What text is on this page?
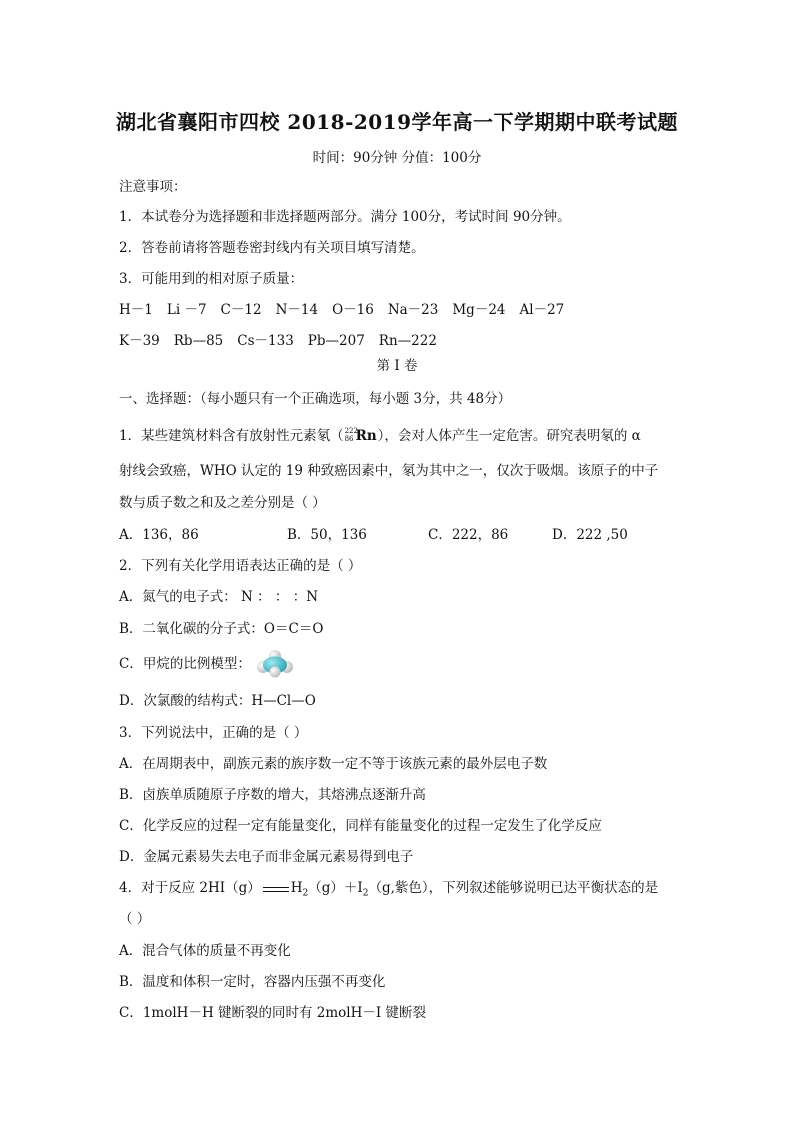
湖北省襄阳市四校 2018-2019学年高一下学期期中联考试题
时间：90分钟 分值：100分
注意事项：
1．本试卷分为选择题和非选择题两部分。满分 100分，考试时间 90分钟。
2．答卷前请将答题卷密封线内有关项目填写清楚。
3．可能用到的相对原子质量：
H－1 Li －7 C－12 N－14 O－16 Na－23 Mg－24 Al－27
K－39 Rb—85 Cs－133 Pb—207 Rn—222
第 I 卷
一、选择题：（每小题只有一个正确选项，每小题 3分，共 48分）
1．某些建筑材料含有放射性元素氡（ 222
86 Rn ），会对人体产生一定危害。研究表明氡的 α
射线会致癌，WHO 认定的 19 种致癌因素中，氡为其中之一，仅次于吸烟。该原子的中子
数与质子数之和及之差分别是（ ）
A．136，86	B．50，136	C．222，86	D．222 ,50
2．下列有关化学用语表达正确的是（ ）
A．氮气的电子式： N ： ： ：N
B．二氧化碳的分子式：O＝C＝O
C．甲烷的比例模型：
D．次氯酸的结构式：H—Cl—O
3．下列说法中，正确的是（ ）
A．在周期表中，副族元素的族序数一定不等于该族元素的最外层电子数
B．卤族单质随原子序数的增大，其熔沸点逐渐升高
C．化学反应的过程一定有能量变化，同样有能量变化的过程一定发生了化学反应
D．金属元素易失去电子而非金属元素易得到电子
4．对于反应 2HI（g） $H_2(g)+I_2(g$,紫色），下列叙述能够说明已达平衡状态的是
（ ）
A．混合气体的质量不再变化
B．温度和体积一定时，容器内压强不再变化
C．1molH－H 键断裂的同时有 2molH－I 键断裂
